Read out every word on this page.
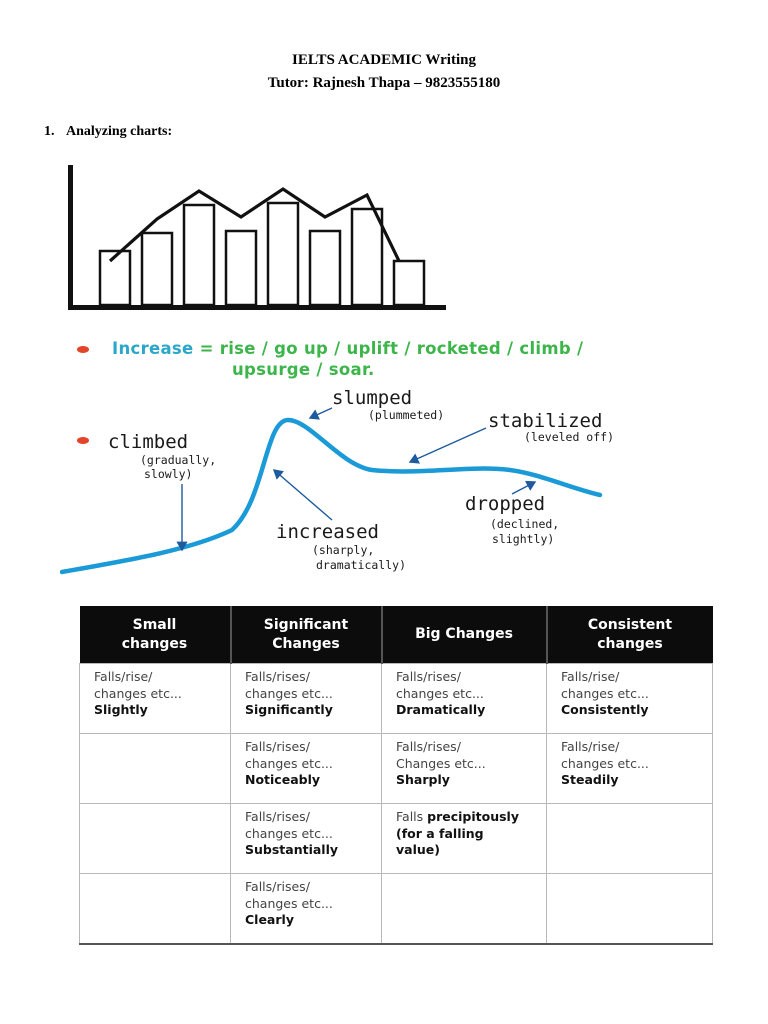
IELTS ACADEMIC Writing
Tutor: Rajnesh Thapa – 9823555180
1. Analyzing charts:
Increase = rise / go up / uplift / rocketed / climb /
upsurge / soar.
climbed
(gradually,
slowly)
slumped
(plummeted) stabilized
(leveled off)
dropped
(declined,
slightly)
increased
(sharply,
dramatically)
Small
changes	Significant
Changes	Big Changes	Consistent
changes

Falls/rise/
changes etc...
Slightly	Falls/rises/
changes etc...
Significantly	Falls/rises/
changes etc...
Dramatically	Falls/rise/
changes etc...
Consistently

	Falls/rises/
changes etc...
Noticeably	Falls/rises/
Changes etc...
Sharply	Falls/rise/
changes etc...
Steadily

	Falls/rises/
changes etc...
Substantially	Falls precipitously
(for a falling
value)	

	Falls/rises/
changes etc...
Clearly		
